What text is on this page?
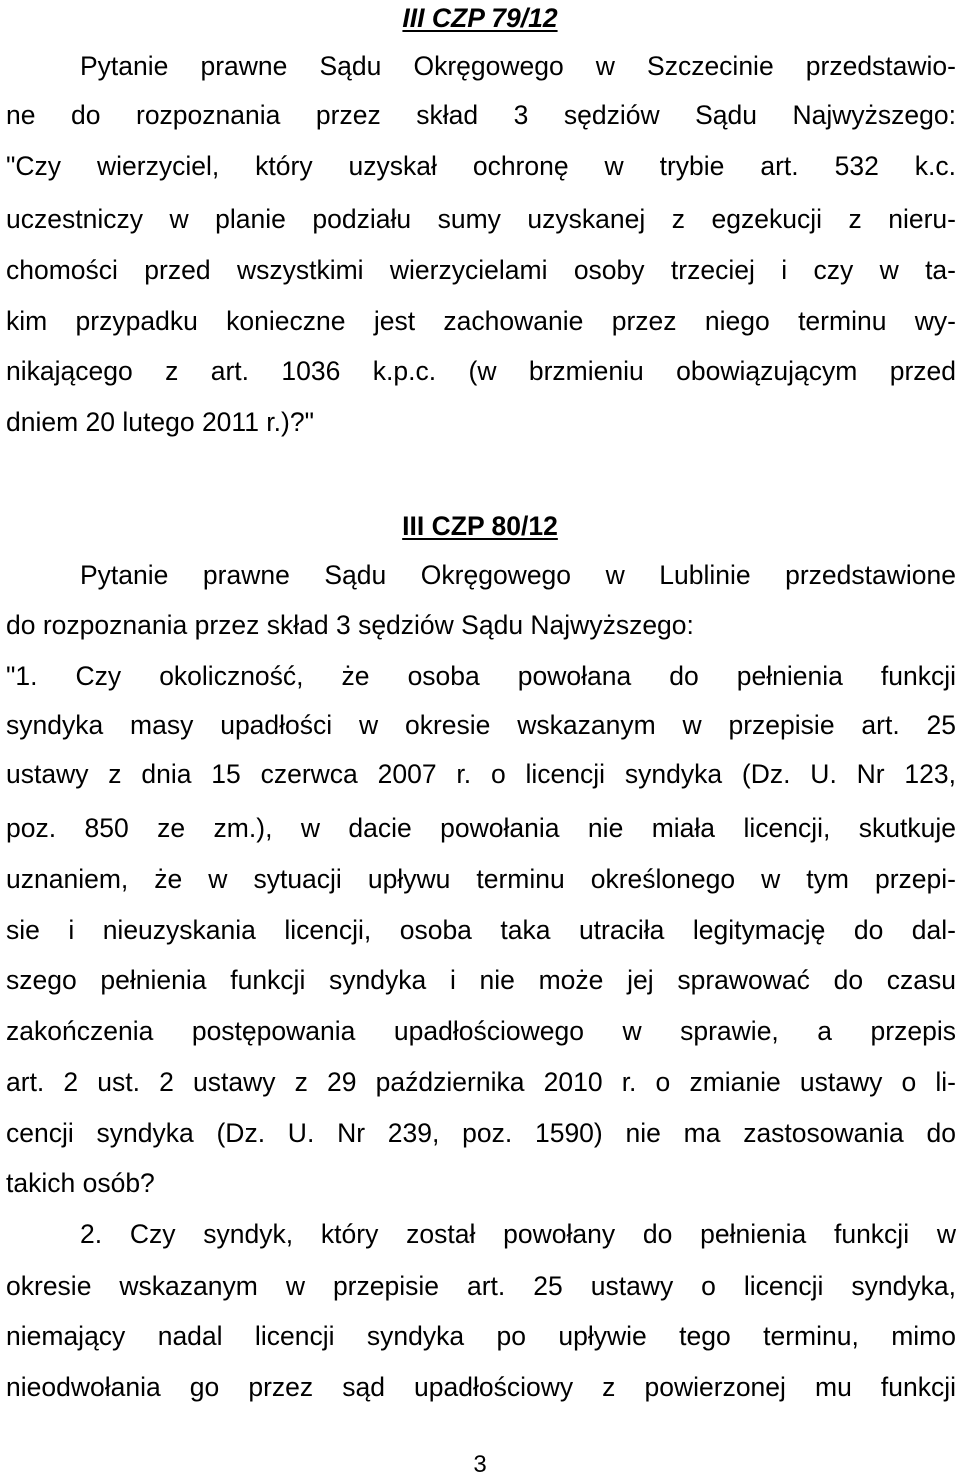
III CZP 79/12

Pytanie prawne Sądu Okręgowego w Szczecinie przedstawio-

ne do rozpoznania przez skład 3 sędziów Sądu Najwyższego:

"Czy wierzyciel, który uzyskał ochronę w trybie art. 532 k.c.

uczestniczy w planie podziału sumy uzyskanej z egzekucji z nieru-

chomości przed wszystkimi wierzycielami osoby trzeciej i czy w ta-

kim przypadku konieczne jest zachowanie przez niego terminu wy-

nikającego z art. 1036 k.p.c. (w brzmieniu obowiązującym przed

dniem 20 lutego 2011 r.)?"

III CZP 80/12

Pytanie prawne Sądu Okręgowego w Lublinie przedstawione

do rozpoznania przez skład 3 sędziów Sądu Najwyższego:

"1. Czy okoliczność, że osoba powołana do pełnienia funkcji

syndyka masy upadłości w okresie wskazanym w przepisie art. 25

ustawy z dnia 15 czerwca 2007 r. o licencji syndyka (Dz. U. Nr 123,

poz. 850 ze zm.), w dacie powołania nie miała licencji, skutkuje

uznaniem, że w sytuacji upływu terminu określonego w tym przepi-

sie i nieuzyskania licencji, osoba taka utraciła legitymację do dal-

szego pełnienia funkcji syndyka i nie może jej sprawować do czasu

zakończenia postępowania upadłościowego w sprawie, a przepis

art. 2 ust. 2 ustawy z 29 października 2010 r. o zmianie ustawy o li-

cencji syndyka (Dz. U. Nr 239, poz. 1590) nie ma zastosowania do

takich osób?

2. Czy syndyk, który został powołany do pełnienia funkcji w

okresie wskazanym w przepisie art. 25 ustawy o licencji syndyka,

niemający nadal licencji syndyka po upływie tego terminu, mimo

nieodwołania go przez sąd upadłościowy z powierzonej mu funkcji

3
